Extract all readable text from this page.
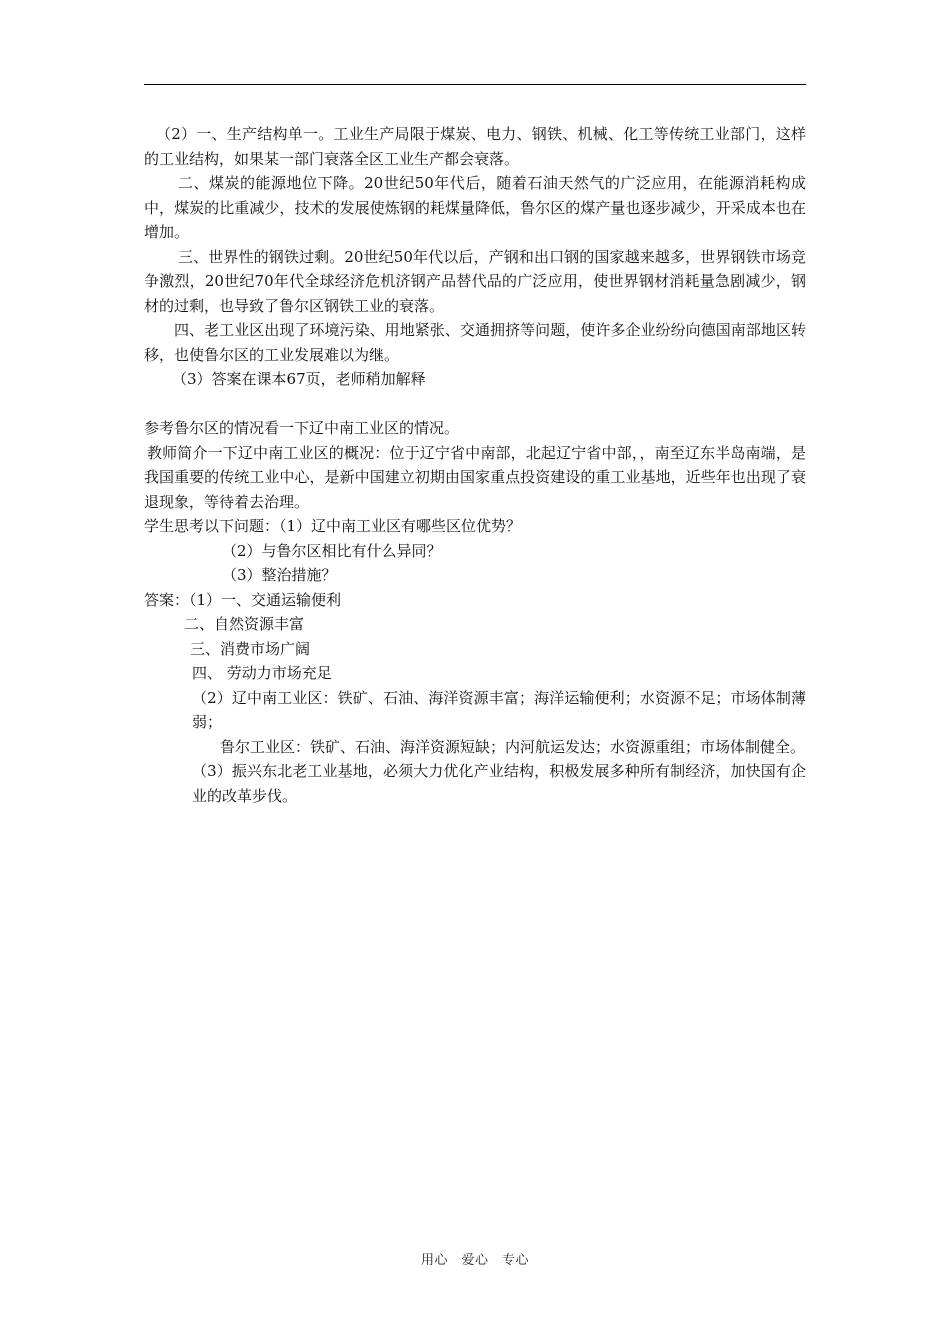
（2）一、生产结构单一。工业生产局限于煤炭、电力、钢铁、机械、化工等传统工业部门，这样的工业结构，如果某一部门衰落全区工业生产都会衰落。

二、煤炭的能源地位下降。20世纪50年代后，随着石油天然气的广泛应用，在能源消耗构成中，煤炭的比重减少，技术的发展使炼钢的耗煤量降低，鲁尔区的煤产量也逐步减少，开采成本也在增加。

三、世界性的钢铁过剩。20世纪50年代以后，产钢和出口钢的国家越来越多，世界钢铁市场竞争激烈，20世纪70年代全球经济危机济钢产品替代品的广泛应用，使世界钢材消耗量急剧减少，钢材的过剩，也导致了鲁尔区钢铁工业的衰落。

四、老工业区出现了环境污染、用地紧张、交通拥挤等问题，使许多企业纷纷向德国南部地区转移，也使鲁尔区的工业发展难以为继。

（3）答案在课本67页，老师稍加解释

参考鲁尔区的情况看一下辽中南工业区的情况。

教师简介一下辽中南工业区的概况：位于辽宁省中南部，北起辽宁省中部，，南至辽东半岛南端，是我国重要的传统工业中心，是新中国建立初期由国家重点投资建设的重工业基地，近些年也出现了衰退现象，等待着去治理。

学生思考以下问题：（1）辽中南工业区有哪些区位优势？

（2）与鲁尔区相比有什么异同？

（3）整治措施？

答案：（1）一、交通运输便利

二、自然资源丰富

三、消费市场广阔

四、 劳动力市场充足

（2）辽中南工业区：铁矿、石油、海洋资源丰富；海洋运输便利；水资源不足；市场体制薄弱；

鲁尔工业区：铁矿、石油、海洋资源短缺；内河航运发达；水资源重组；市场体制健全。

（3）振兴东北老工业基地，必须大力优化产业结构，积极发展多种所有制经济，加快国有企业的改革步伐。

用心　爱心　专心
